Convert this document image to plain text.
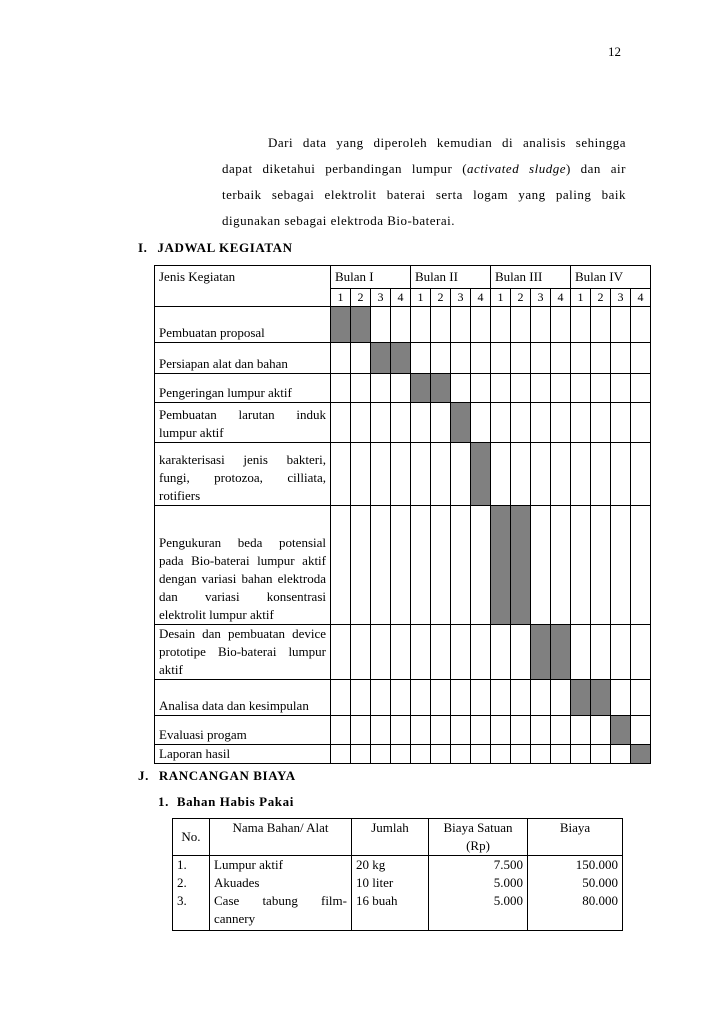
12
Dari data yang diperoleh kemudian di analisis sehingga
dapat diketahui perbandingan lumpur (activated sludge) dan air
terbaik sebagai elektrolit baterai serta logam yang paling baik
digunakan sebagai elektroda Bio-baterai.
I. JADWAL KEGIATAN
Jenis Kegiatan	Bulan I				Bulan II				Bulan III				Bulan IV			
	1	2	3	4	1	2	3	4	1	2	3	4	1	2	3	4

Pembuatan proposal																

Persiapan alat dan bahan																

Pengeringan lumpur aktif																

Pembuatan larutan induk lumpur aktif																

karakterisasi jenis bakteri, fungi, protozoa, cilliata, rotifiers																

Pengukuran beda potensial pada Bio-baterai lumpur aktif dengan variasi bahan elektroda dan variasi konsentrasi elektrolit lumpur aktif																

Desain dan pembuatan device prototipe Bio-baterai lumpur aktif																

Analisa data dan kesimpulan																

Evaluasi progam																

Laporan hasil																

J. RANCANGAN BIAYA
1. Bahan Habis Pakai
No.	Nama Bahan/ Alat	Jumlah	Biaya Satuan (Rp)	Biaya
1.	Lumpur aktif	20 kg	7.500	150.000
2.	Akuades	10 liter	5.000	50.000
3.	Case tabung film-cannery	16 buah	5.000	80.000
